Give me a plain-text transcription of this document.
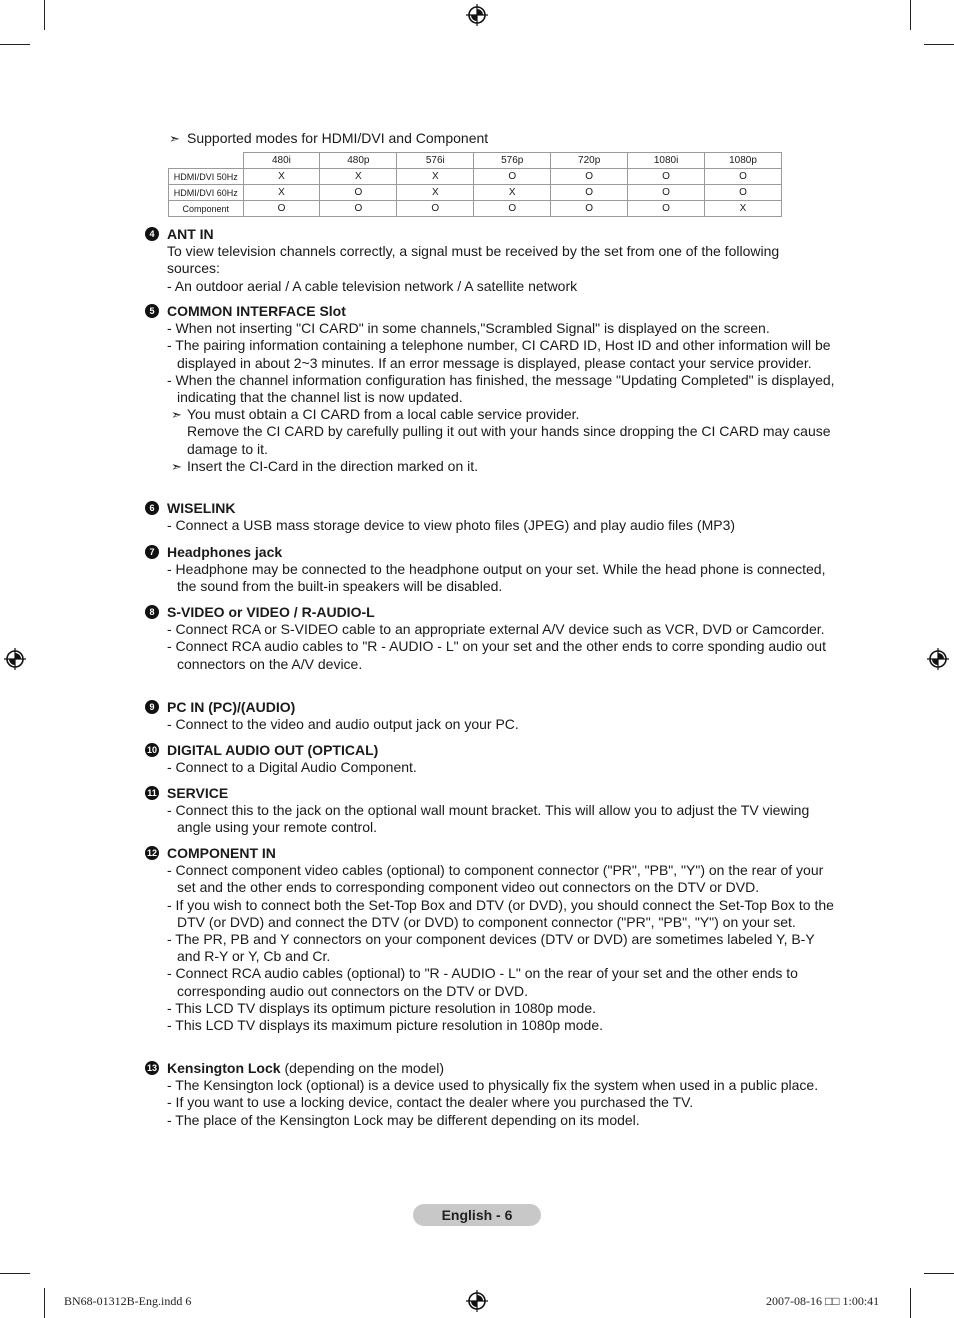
➣ Supported modes for HDMI/DVI and Component
	480i	480p	576i	576p	720p	1080i	1080p
HDMI/DVI 50Hz	X	X	X	O	O	O	O
HDMI/DVI 60Hz	X	O	X	X	O	O	O
Component	O	O	O	O	O	O	X
4 ANT IN
To view television channels correctly, a signal must be received by the set from one of the following sources:
- An outdoor aerial / A cable television network / A satellite network
5 COMMON INTERFACE Slot
- When not inserting "CI CARD" in some channels,"Scrambled Signal" is displayed on the screen.
- The pairing information containing a telephone number, CI CARD ID, Host ID and other information will be displayed in about 2~3 minutes. If an error message is displayed, please contact your service provider.
- When the channel information configuration has finished, the message "Updating Completed" is displayed, indicating that the channel list is now updated.
➣ You must obtain a CI CARD from a local cable service provider.
Remove the CI CARD by carefully pulling it out with your hands since dropping the CI CARD may cause damage to it.
➣ Insert the CI-Card in the direction marked on it.
6 WISELINK
- Connect a USB mass storage device to view photo files (JPEG) and play audio files (MP3)
7 Headphones jack
- Headphone may be connected to the headphone output on your set. While the head phone is connected, the sound from the built-in speakers will be disabled.
8 S-VIDEO or VIDEO / R-AUDIO-L
- Connect RCA or S-VIDEO cable to an appropriate external A/V device such as VCR, DVD or Camcorder.
- Connect RCA audio cables to "R - AUDIO - L" on your set and the other ends to corre sponding audio out connectors on the A/V device.
9 PC IN (PC)/(AUDIO)
- Connect to the video and audio output jack on your PC.
10 DIGITAL AUDIO OUT (OPTICAL)
- Connect to a Digital Audio Component.
11 SERVICE
- Connect this to the jack on the optional wall mount bracket. This will allow you to adjust the TV viewing angle using your remote control.
12 COMPONENT IN
- Connect component video cables (optional) to component connector ("PR", "PB", "Y") on the rear of your set and the other ends to corresponding component video out connectors on the DTV or DVD.
- If you wish to connect both the Set-Top Box and DTV (or DVD), you should connect the Set-Top Box to the DTV (or DVD) and connect the DTV (or DVD) to component connector ("PR", "PB", "Y") on your set.
- The PR, PB and Y connectors on your component devices (DTV or DVD) are sometimes labeled Y, B-Y and R-Y or Y, Cb and Cr.
- Connect RCA audio cables (optional) to "R - AUDIO - L" on the rear of your set and the other ends to corresponding audio out connectors on the DTV or DVD.
- This LCD TV displays its optimum picture resolution in 1080p mode.
- This LCD TV displays its maximum picture resolution in 1080p mode.
13 Kensington Lock (depending on the model)
- The Kensington lock (optional) is a device used to physically fix the system when used in a public place.
- If you want to use a locking device, contact the dealer where you purchased the TV.
- The place of the Kensington Lock may be different depending on its model.
English - 6
BN68-01312B-Eng.indd 6	2007-08-16 □□ 1:00:41
